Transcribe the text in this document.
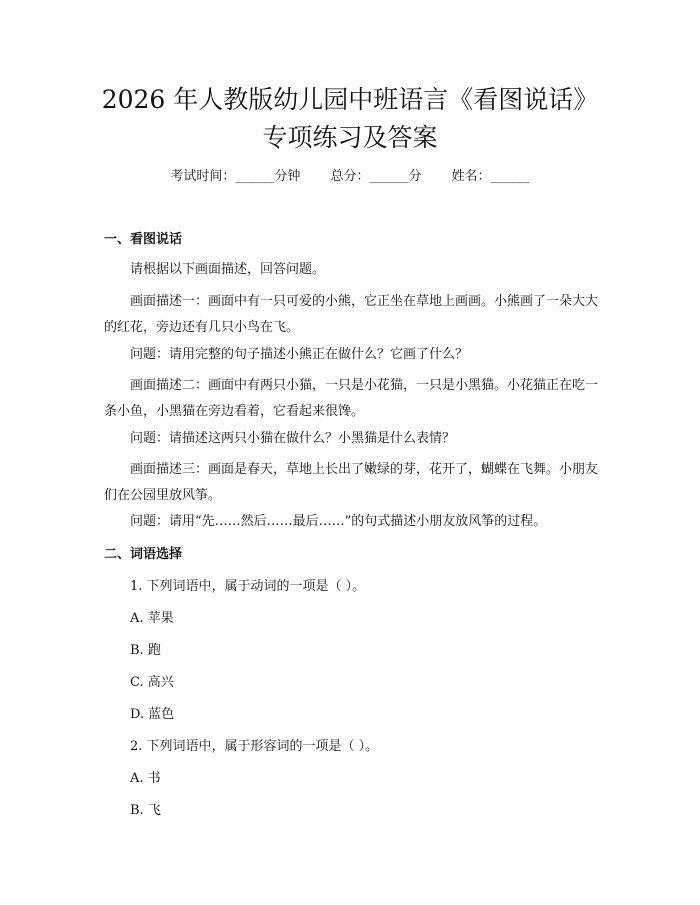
2026 年人教版幼儿园中班语言《看图说话》
专项练习及答案
考试时间：______分钟 总分：______分 姓名：______
一、看图说话

请根据以下画面描述，回答问题。

画面描述一：画面中有一只可爱的小熊，它正坐在草地上画画。小熊画了一朵大大的红花，旁边还有几只小鸟在飞。

问题：请用完整的句子描述小熊正在做什么？它画了什么？

画面描述二：画面中有两只小猫，一只是小花猫，一只是小黑猫。小花猫正在吃一条小鱼，小黑猫在旁边看着，它看起来很馋。

问题：请描述这两只小猫在做什么？小黑猫是什么表情？

画面描述三：画面是春天，草地上长出了嫩绿的芽，花开了，蝴蝶在飞舞。小朋友们在公园里放风筝。

问题：请用“先……然后……最后……”的句式描述小朋友放风筝的过程。

二、词语选择
1. 下列词语中，属于动词的一项是（ ）。
A. 苹果
B. 跑
C. 高兴
D. 蓝色
2. 下列词语中，属于形容词的一项是（ ）。
A. 书
B. 飞
